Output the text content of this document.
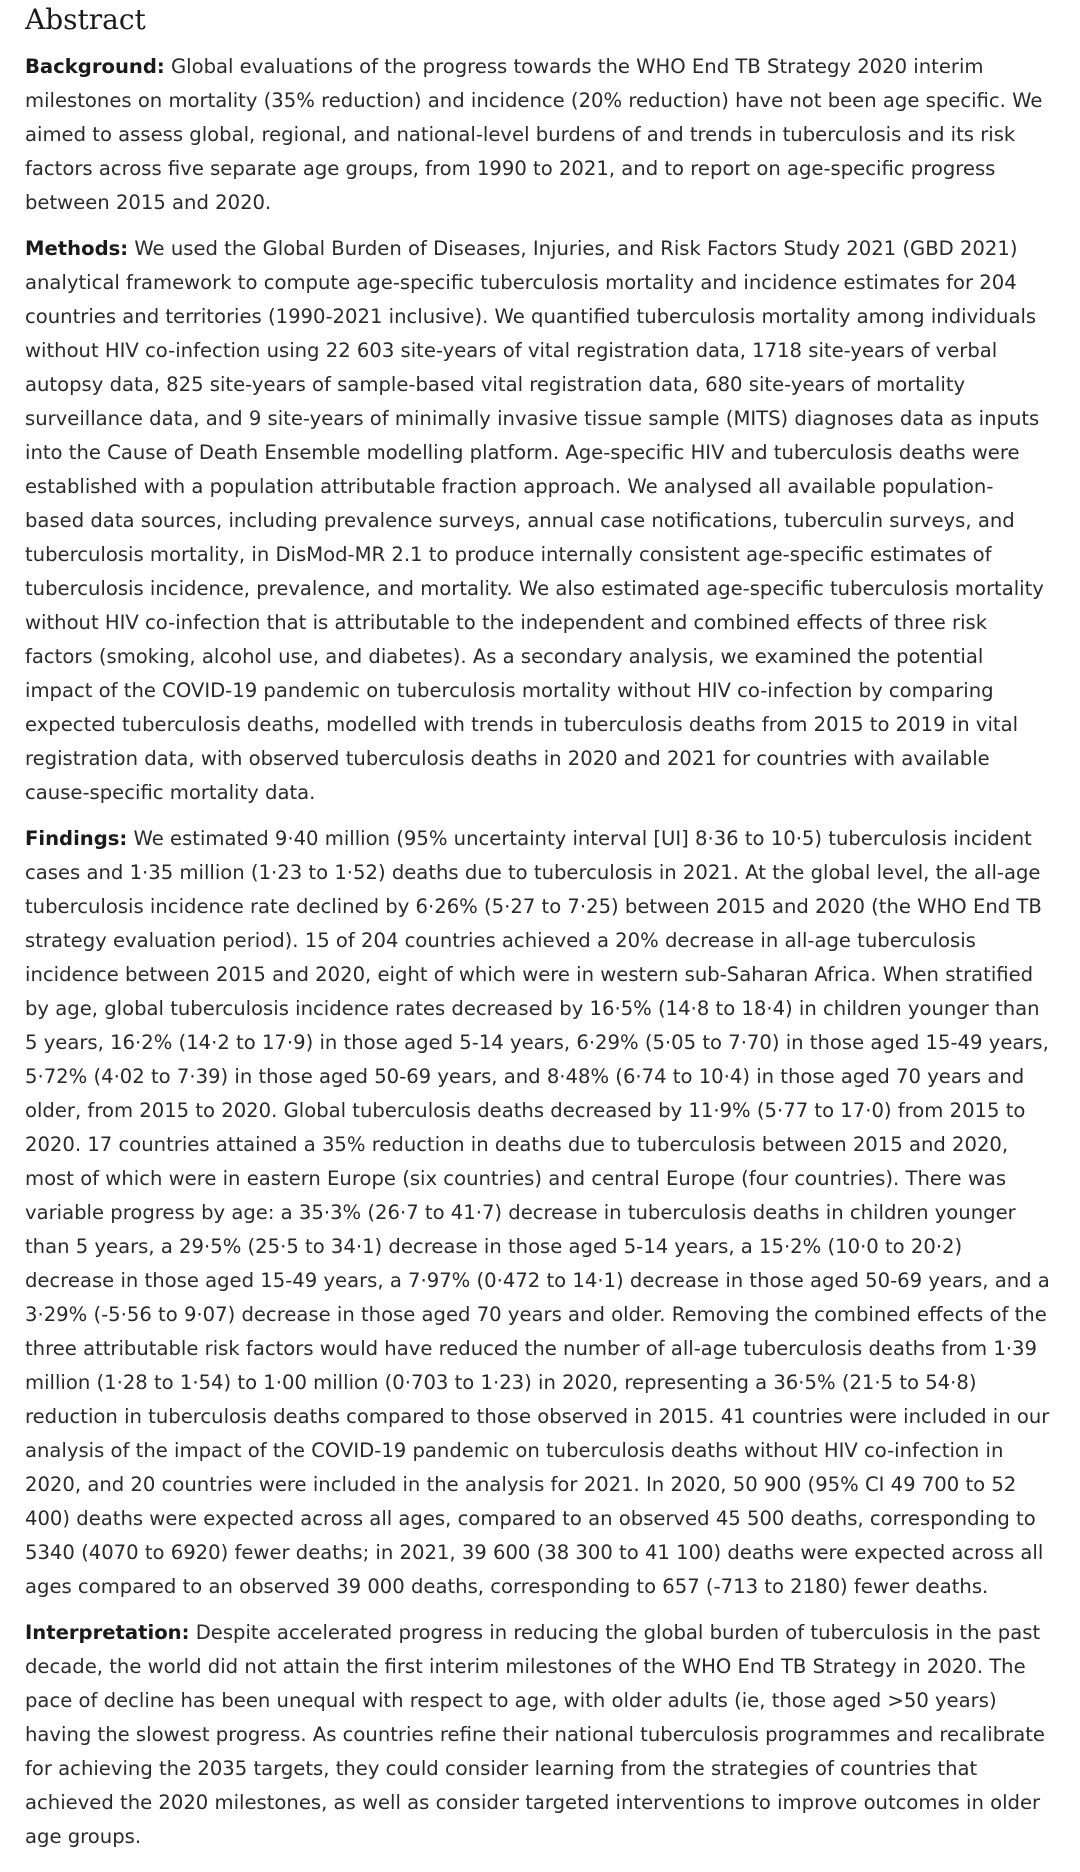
Abstract

Background: Global evaluations of the progress towards the WHO End TB Strategy 2020 interim milestones on mortality (35% reduction) and incidence (20% reduction) have not been age specific. We aimed to assess global, regional, and national-level burdens of and trends in tuberculosis and its risk factors across five separate age groups, from 1990 to 2021, and to report on age-specific progress between 2015 and 2020.

Methods: We used the Global Burden of Diseases, Injuries, and Risk Factors Study 2021 (GBD 2021) analytical framework to compute age-specific tuberculosis mortality and incidence estimates for 204 countries and territories (1990-2021 inclusive). We quantified tuberculosis mortality among individuals without HIV co-infection using 22 603 site-years of vital registration data, 1718 site-years of verbal autopsy data, 825 site-years of sample-based vital registration data, 680 site-years of mortality surveillance data, and 9 site-years of minimally invasive tissue sample (MITS) diagnoses data as inputs into the Cause of Death Ensemble modelling platform. Age-specific HIV and tuberculosis deaths were established with a population attributable fraction approach. We analysed all available population-based data sources, including prevalence surveys, annual case notifications, tuberculin surveys, and tuberculosis mortality, in DisMod-MR 2.1 to produce internally consistent age-specific estimates of tuberculosis incidence, prevalence, and mortality. We also estimated age-specific tuberculosis mortality without HIV co-infection that is attributable to the independent and combined effects of three risk factors (smoking, alcohol use, and diabetes). As a secondary analysis, we examined the potential impact of the COVID-19 pandemic on tuberculosis mortality without HIV co-infection by comparing expected tuberculosis deaths, modelled with trends in tuberculosis deaths from 2015 to 2019 in vital registration data, with observed tuberculosis deaths in 2020 and 2021 for countries with available cause-specific mortality data.

Findings: We estimated 9·40 million (95% uncertainty interval [UI] 8·36 to 10·5) tuberculosis incident cases and 1·35 million (1·23 to 1·52) deaths due to tuberculosis in 2021. At the global level, the all-age tuberculosis incidence rate declined by 6·26% (5·27 to 7·25) between 2015 and 2020 (the WHO End TB strategy evaluation period). 15 of 204 countries achieved a 20% decrease in all-age tuberculosis incidence between 2015 and 2020, eight of which were in western sub-Saharan Africa. When stratified by age, global tuberculosis incidence rates decreased by 16·5% (14·8 to 18·4) in children younger than 5 years, 16·2% (14·2 to 17·9) in those aged 5-14 years, 6·29% (5·05 to 7·70) in those aged 15-49 years, 5·72% (4·02 to 7·39) in those aged 50-69 years, and 8·48% (6·74 to 10·4) in those aged 70 years and older, from 2015 to 2020. Global tuberculosis deaths decreased by 11·9% (5·77 to 17·0) from 2015 to 2020. 17 countries attained a 35% reduction in deaths due to tuberculosis between 2015 and 2020, most of which were in eastern Europe (six countries) and central Europe (four countries). There was variable progress by age: a 35·3% (26·7 to 41·7) decrease in tuberculosis deaths in children younger than 5 years, a 29·5% (25·5 to 34·1) decrease in those aged 5-14 years, a 15·2% (10·0 to 20·2) decrease in those aged 15-49 years, a 7·97% (0·472 to 14·1) decrease in those aged 50-69 years, and a 3·29% (-5·56 to 9·07) decrease in those aged 70 years and older. Removing the combined effects of the three attributable risk factors would have reduced the number of all-age tuberculosis deaths from 1·39 million (1·28 to 1·54) to 1·00 million (0·703 to 1·23) in 2020, representing a 36·5% (21·5 to 54·8) reduction in tuberculosis deaths compared to those observed in 2015. 41 countries were included in our analysis of the impact of the COVID-19 pandemic on tuberculosis deaths without HIV co-infection in 2020, and 20 countries were included in the analysis for 2021. In 2020, 50 900 (95% CI 49 700 to 52 400) deaths were expected across all ages, compared to an observed 45 500 deaths, corresponding to 5340 (4070 to 6920) fewer deaths; in 2021, 39 600 (38 300 to 41 100) deaths were expected across all ages compared to an observed 39 000 deaths, corresponding to 657 (-713 to 2180) fewer deaths.

Interpretation: Despite accelerated progress in reducing the global burden of tuberculosis in the past decade, the world did not attain the first interim milestones of the WHO End TB Strategy in 2020. The pace of decline has been unequal with respect to age, with older adults (ie, those aged >50 years) having the slowest progress. As countries refine their national tuberculosis programmes and recalibrate for achieving the 2035 targets, they could consider learning from the strategies of countries that achieved the 2020 milestones, as well as consider targeted interventions to improve outcomes in older age groups.
